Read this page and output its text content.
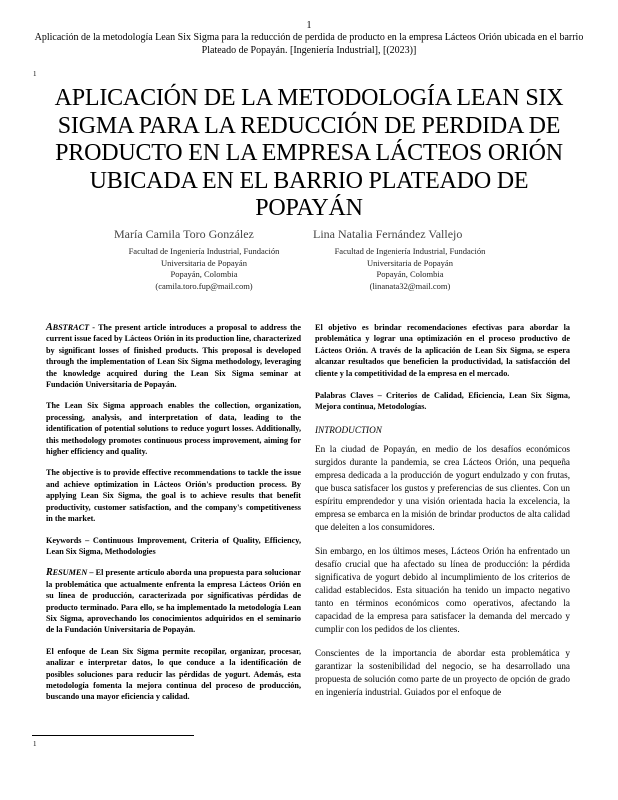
1
Aplicación de la metodología Lean Six Sigma para la reducción de perdida de producto en la empresa Lácteos Orión ubicada en el barrio Plateado de Popayán. [Ingeniería Industrial], [(2023)]
1
APLICACIÓN DE LA METODOLOGÍA LEAN SIX SIGMA PARA LA REDUCCIÓN DE PERDIDA DE PRODUCTO EN LA EMPRESA LÁCTEOS ORIÓN UBICADA EN EL BARRIO PLATEADO DE POPAYÁN
María Camila Toro González
Facultad de Ingeniería Industrial, Fundación
Universitaria de Popayán
Popayán, Colombia
(camila.toro.fup@mail.com)
Lina Natalia Fernández Vallejo
Facultad de Ingeniería Industrial, Fundación
Universitaria de Popayán
Popayán, Colombia
(linanata32@mail.com)

ABSTRACT - The present article introduces a proposal to address the current issue faced by Lácteos Orión in its production line, characterized by significant losses of finished products. This proposal is developed through the implementation of Lean Six Sigma methodology, leveraging the knowledge acquired during the Lean Six Sigma seminar at Fundación Universitaria de Popayán.

The Lean Six Sigma approach enables the collection, organization, processing, analysis, and interpretation of data, leading to the identification of potential solutions to reduce yogurt losses. Additionally, this methodology promotes continuous process improvement, aiming for higher efficiency and quality.

The objective is to provide effective recommendations to tackle the issue and achieve optimization in Lácteos Orión's production process. By applying Lean Six Sigma, the goal is to achieve results that benefit productivity, customer satisfaction, and the company's competitiveness in the market.

Keywords – Continuous Improvement, Criteria of Quality, Efficiency, Lean Six Sigma, Methodologies

RESUMEN – El presente artículo aborda una propuesta para solucionar la problemática que actualmente enfrenta la empresa Lácteos Orión en su línea de producción, caracterizada por significativas pérdidas de producto terminado. Para ello, se ha implementado la metodología Lean Six Sigma, aprovechando los conocimientos adquiridos en el seminario de la Fundación Universitaria de Popayán.

El enfoque de Lean Six Sigma permite recopilar, organizar, procesar, analizar e interpretar datos, lo que conduce a la identificación de posibles soluciones para reducir las pérdidas de yogurt. Además, esta metodología fomenta la mejora continua del proceso de producción, buscando una mayor eficiencia y calidad.

El objetivo es brindar recomendaciones efectivas para abordar la problemática y lograr una optimización en el proceso productivo de Lácteos Orión. A través de la aplicación de Lean Six Sigma, se espera alcanzar resultados que beneficien la productividad, la satisfacción del cliente y la competitividad de la empresa en el mercado.

Palabras Claves – Criterios de Calidad, Eficiencia, Lean Six Sigma, Mejora continua, Metodologías.

INTRODUCTION

En la ciudad de Popayán, en medio de los desafíos económicos surgidos durante la pandemia, se crea Lácteos Orión, una pequeña empresa dedicada a la producción de yogurt endulzado y con frutas, que busca satisfacer los gustos y preferencias de sus clientes. Con un espíritu emprendedor y una visión orientada hacia la excelencia, la empresa se embarca en la misión de brindar productos de alta calidad que deleiten a los consumidores.

Sin embargo, en los últimos meses, Lácteos Orión ha enfrentado un desafío crucial que ha afectado su línea de producción: la pérdida significativa de yogurt debido al incumplimiento de los criterios de calidad establecidos. Esta situación ha tenido un impacto negativo tanto en términos económicos como operativos, afectando la capacidad de la empresa para satisfacer la demanda del mercado y cumplir con los pedidos de los clientes.

Conscientes de la importancia de abordar esta problemática y garantizar la sostenibilidad del negocio, se ha desarrollado una propuesta de solución como parte de un proyecto de opción de grado en ingeniería industrial. Guiados por el enfoque de

1
